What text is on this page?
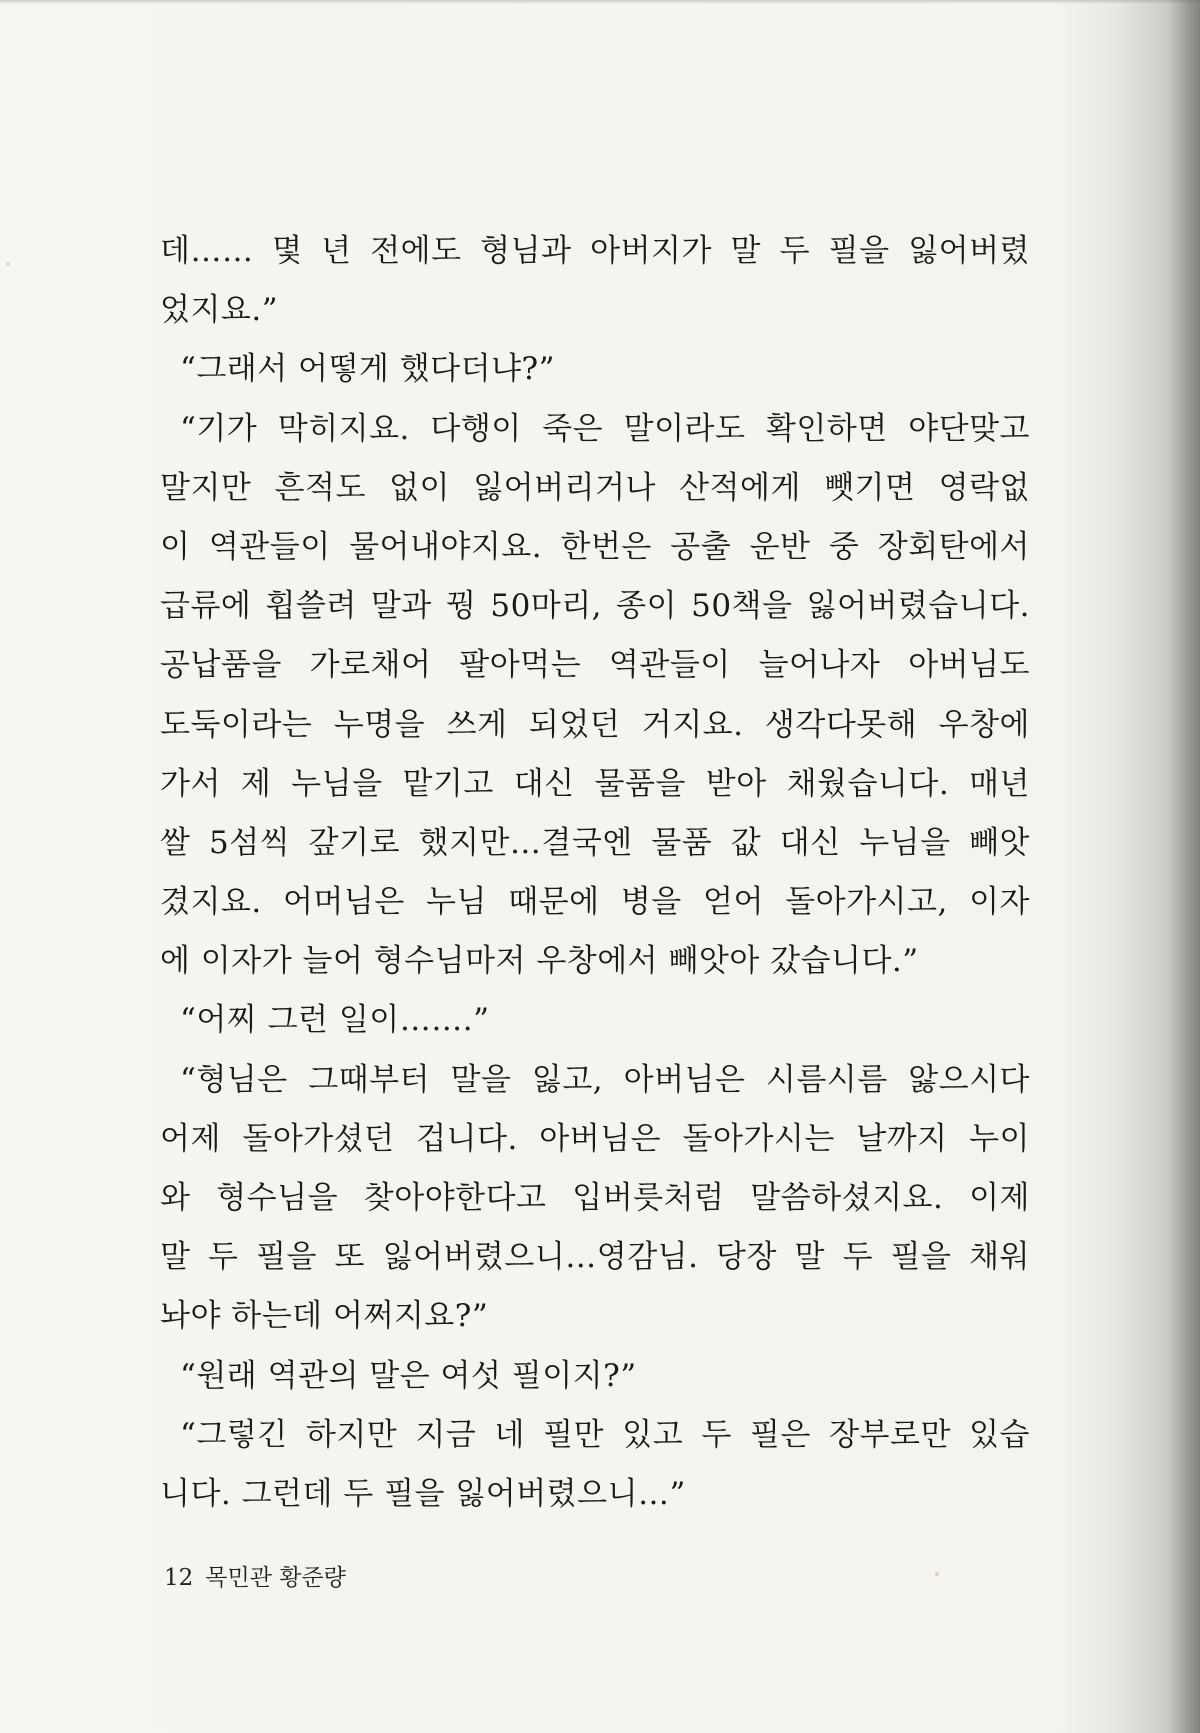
데…… 몇 년 전에도 형님과 아버지가 말 두 필을 잃어버렸
었지요.”
“그래서 어떻게 했다더냐?”
“기가 막히지요. 다행이 죽은 말이라도 확인하면 야단맞고
말지만 흔적도 없이 잃어버리거나 산적에게 뺏기면 영락없
이 역관들이 물어내야지요. 한번은 공출 운반 중 장회탄에서
급류에 휩쓸려 말과 꿩 50마리, 종이 50책을 잃어버렸습니다.
공납품을 가로채어 팔아먹는 역관들이 늘어나자 아버님도
도둑이라는 누명을 쓰게 되었던 거지요. 생각다못해 우창에
가서 제 누님을 맡기고 대신 물품을 받아 채웠습니다. 매년
쌀 5섬씩 갚기로 했지만…결국엔 물품 값 대신 누님을 빼앗
겼지요. 어머님은 누님 때문에 병을 얻어 돌아가시고, 이자
에 이자가 늘어 형수님마저 우창에서 빼앗아 갔습니다.”
“어찌 그런 일이…….”
“형님은 그때부터 말을 잃고, 아버님은 시름시름 앓으시다
어제 돌아가셨던 겁니다. 아버님은 돌아가시는 날까지 누이
와 형수님을 찾아야한다고 입버릇처럼 말씀하셨지요. 이제
말 두 필을 또 잃어버렸으니…영감님. 당장 말 두 필을 채워
놔야 하는데 어쩌지요?”
“원래 역관의 말은 여섯 필이지?”
“그렇긴 하지만 지금 네 필만 있고 두 필은 장부로만 있습
니다. 그런데 두 필을 잃어버렸으니…”
12 목민관 황준량
